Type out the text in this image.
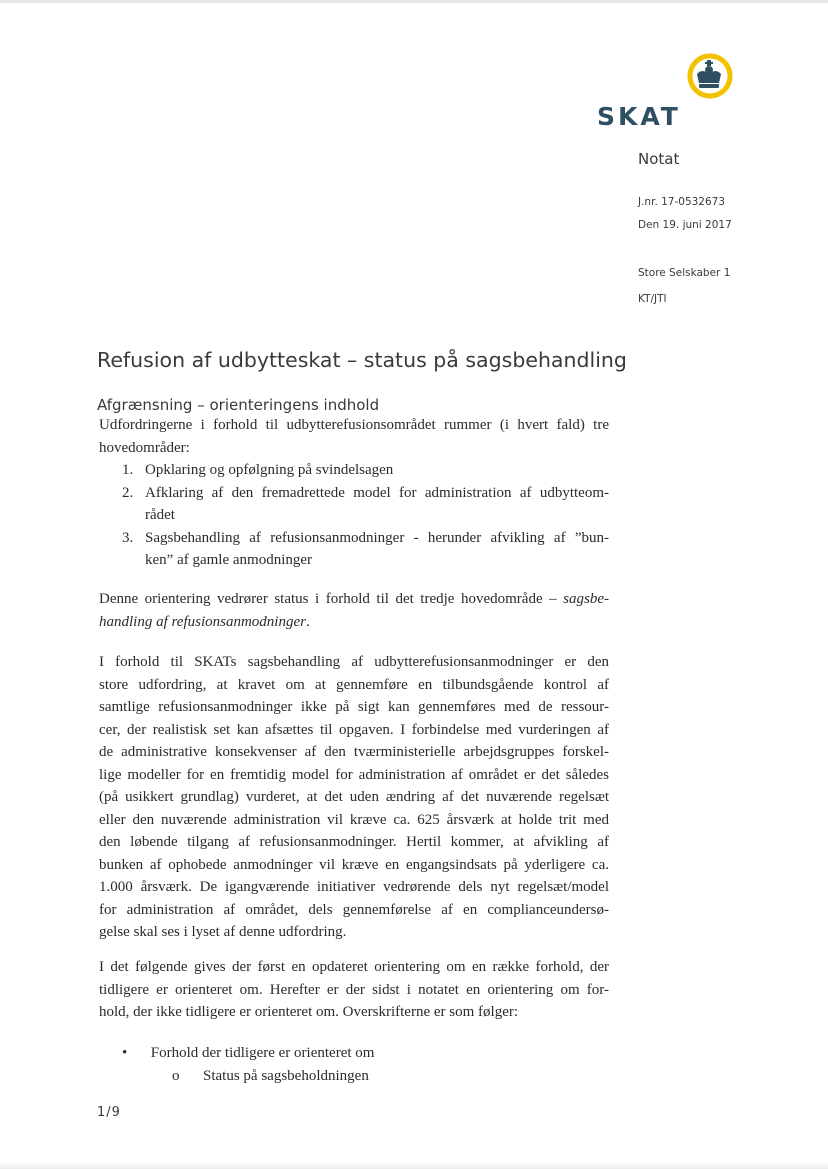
SKAT
Notat
J.nr. 17-0532673
Den 19. juni 2017
Store Selskaber 1
KT/JTI
Refusion af udbytteskat – status på sagsbehandling
Afgrænsning – orienteringens indhold
Udfordringerne i forhold til udbytterefusionsområdet rummer (i hvert fald) tre
hovedområder:
1. Opklaring og opfølgning på svindelsagen
2. Afklaring af den fremadrettede model for administration af udbytteom-
rådet
3. Sagsbehandling af refusionsanmodninger - herunder afvikling af ”bun-
ken” af gamle anmodninger
Denne orientering vedrører status i forhold til det tredje hovedområde – sagsbe-
handling af refusionsanmodninger.
I forhold til SKATs sagsbehandling af udbytterefusionsanmodninger er den
store udfordring, at kravet om at gennemføre en tilbundsgående kontrol af
samtlige refusionsanmodninger ikke på sigt kan gennemføres med de ressour-
cer, der realistisk set kan afsættes til opgaven. I forbindelse med vurderingen af
de administrative konsekvenser af den tværministerielle arbejdsgruppes forskel-
lige modeller for en fremtidig model for administration af området er det således
(på usikkert grundlag) vurderet, at det uden ændring af det nuværende regelsæt
eller den nuværende administration vil kræve ca. 625 årsværk at holde trit med
den løbende tilgang af refusionsanmodninger. Hertil kommer, at afvikling af
bunken af ophobede anmodninger vil kræve en engangsindsats på yderligere ca.
1.000 årsværk. De igangværende initiativer vedrørende dels nyt regelsæt/model
for administration af området, dels gennemførelse af en complianceundersø-
gelse skal ses i lyset af denne udfordring.
I det følgende gives der først en opdateret orientering om en række forhold, der
tidligere er orienteret om. Herefter er der sidst i notatet en orientering om for-
hold, der ikke tidligere er orienteret om. Overskrifterne er som følger:
• Forhold der tidligere er orienteret om
o Status på sagsbeholdningen
1/9
